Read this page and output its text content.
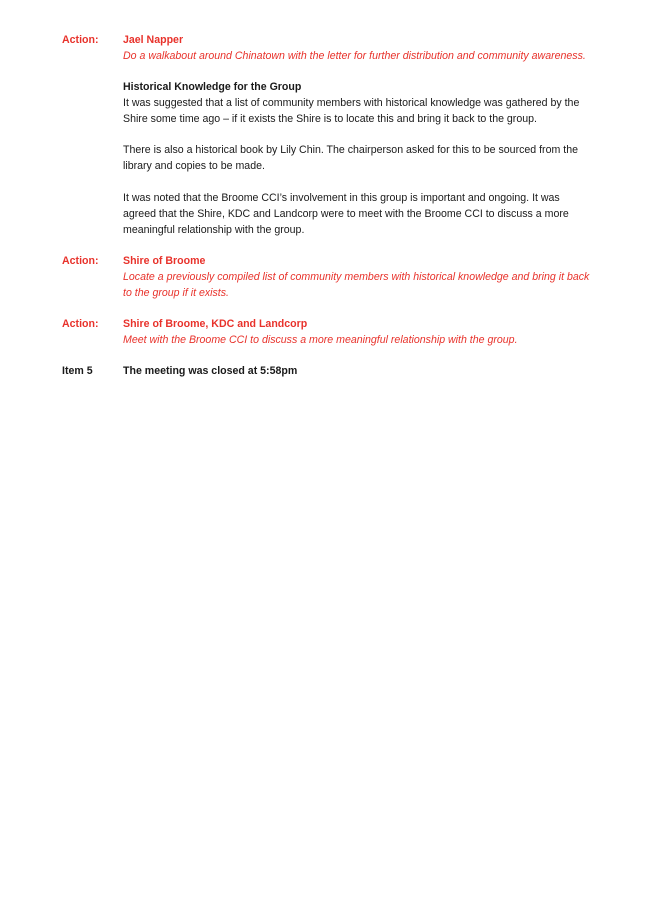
Action:	Jael Napper

Do a walkabout around Chinatown with the letter for further distribution and community awareness.

Historical Knowledge for the Group

It was suggested that a list of community members with historical knowledge was gathered by the Shire some time ago – if it exists the Shire is to locate this and bring it back to the group.

There is also a historical book by Lily Chin. The chairperson asked for this to be sourced from the library and copies to be made.

It was noted that the Broome CCI’s involvement in this group is important and ongoing. It was agreed that the Shire, KDC and Landcorp were to meet with the Broome CCI to discuss a more meaningful relationship with the group.

Action:	Shire of Broome

Locate a previously compiled list of community members with historical knowledge and bring it back to the group if it exists.

Action:	Shire of Broome, KDC and Landcorp

Meet with the Broome CCI to discuss a more meaningful relationship with the group.

Item 5	The meeting was closed at 5:58pm
